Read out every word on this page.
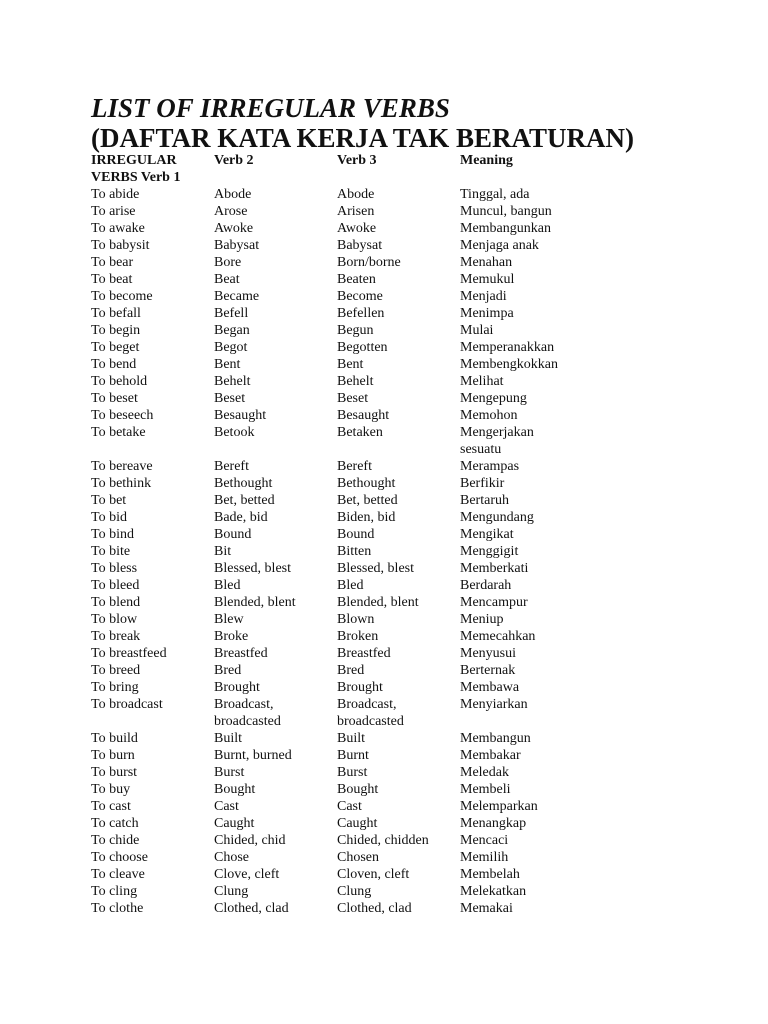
LIST OF IRREGULAR VERBS
(DAFTAR KATA KERJA TAK BERATURAN)
IRREGULAR
VERBS Verb 1	Verb 2	Verb 3	Meaning
To abide	Abode	Abode	Tinggal, ada
To arise	Arose	Arisen	Muncul, bangun
To awake	Awoke	Awoke	Membangunkan
To babysit	Babysat	Babysat	Menjaga anak
To bear	Bore	Born/borne	Menahan
To beat	Beat	Beaten	Memukul
To become	Became	Become	Menjadi
To befall	Befell	Befellen	Menimpa
To begin	Began	Begun	Mulai
To beget	Begot	Begotten	Memperanakkan
To bend	Bent	Bent	Membengkokkan
To behold	Behelt	Behelt	Melihat
To beset	Beset	Beset	Mengepung
To beseech	Besaught	Besaught	Memohon
To betake	Betook	Betaken	Mengerjakan
			sesuatu
To bereave	Bereft	Bereft	Merampas
To bethink	Bethought	Bethought	Berfikir
To bet	Bet, betted	Bet, betted	Bertaruh
To bid	Bade, bid	Biden, bid	Mengundang
To bind	Bound	Bound	Mengikat
To bite	Bit	Bitten	Menggigit
To bless	Blessed, blest	Blessed, blest	Memberkati
To bleed	Bled	Bled	Berdarah
To blend	Blended, blent	Blended, blent	Mencampur
To blow	Blew	Blown	Meniup
To break	Broke	Broken	Memecahkan
To breastfeed	Breastfed	Breastfed	Menyusui
To breed	Bred	Bred	Berternak
To bring	Brought	Brought	Membawa
To broadcast	Broadcast,	Broadcast,	Menyiarkan
	broadcasted	broadcasted	
To build	Built	Built	Membangun
To burn	Burnt, burned	Burnt	Membakar
To burst	Burst	Burst	Meledak
To buy	Bought	Bought	Membeli
To cast	Cast	Cast	Melemparkan
To catch	Caught	Caught	Menangkap
To chide	Chided, chid	Chided, chidden	Mencaci
To choose	Chose	Chosen	Memilih
To cleave	Clove, cleft	Cloven, cleft	Membelah
To cling	Clung	Clung	Melekatkan
To clothe	Clothed, clad	Clothed, clad	Memakai
